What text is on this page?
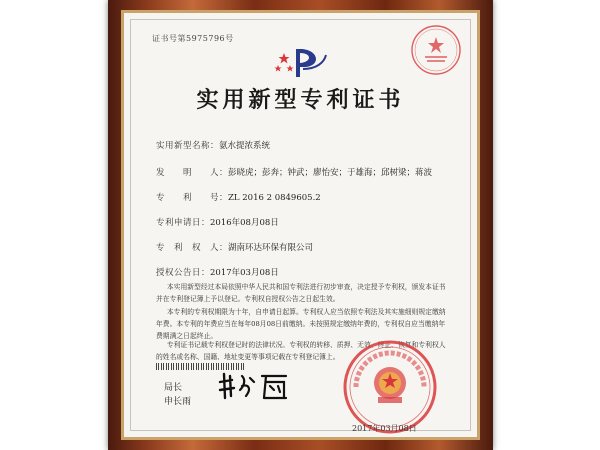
证书号第5975796号
实用新型专利证书
实用新型名称：氨水提浓系统
发　　明　　人：彭晓虎；彭奔；钟武；廖怡安；于雄海；邱树梁；蒋波
专　　利　　号：ZL 2016 2 0849605.2
专利申请日：2016年08月08日
专　利　权　人：湖南环达环保有限公司
授权公告日：2017年03月08日
本实用新型经过本局依照中华人民共和国专利法进行初步审查，决定授予专利权，颁发本证书并在专利登记簿上予以登记。专利权自授权公告之日起生效。
本专利的专利权期限为十年，自申请日起算。专利权人应当依照专利法及其实施细则规定缴纳年费。本专利的年费应当在每年08月08日前缴纳。未按照规定缴纳年费的，专利权自应当缴纳年费期满之日起终止。
专利证书记载专利权登记时的法律状况。专利权的转移、质押、无效、终止、恢复和专利权人的姓名或名称、国籍、地址变更等事项记载在专利登记簿上。
局长
申长雨
2017年03月08日
